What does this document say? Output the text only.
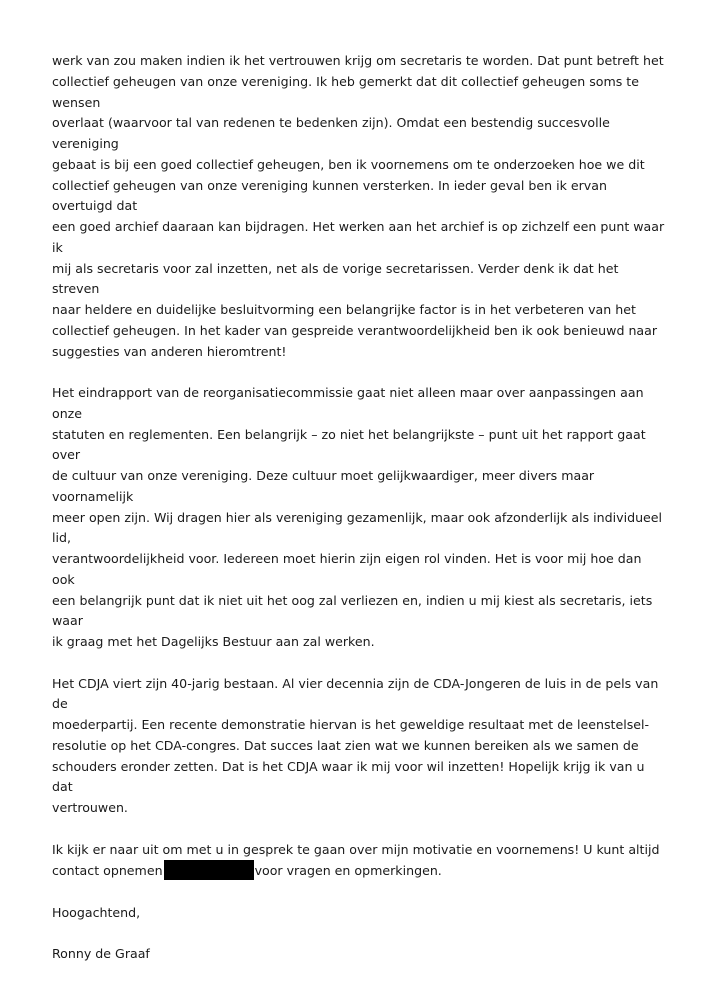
werk van zou maken indien ik het vertrouwen krijg om secretaris te worden. Dat punt betreft het
collectief geheugen van onze vereniging. Ik heb gemerkt dat dit collectief geheugen soms te wensen
overlaat (waarvoor tal van redenen te bedenken zijn). Omdat een bestendig succesvolle vereniging
gebaat is bij een goed collectief geheugen, ben ik voornemens om te onderzoeken hoe we dit
collectief geheugen van onze vereniging kunnen versterken. In ieder geval ben ik ervan overtuigd dat
een goed archief daaraan kan bijdragen. Het werken aan het archief is op zichzelf een punt waar ik
mij als secretaris voor zal inzetten, net als de vorige secretarissen. Verder denk ik dat het streven
naar heldere en duidelijke besluitvorming een belangrijke factor is in het verbeteren van het
collectief geheugen. In het kader van gespreide verantwoordelijkheid ben ik ook benieuwd naar
suggesties van anderen hieromtrent!

Het eindrapport van de reorganisatiecommissie gaat niet alleen maar over aanpassingen aan onze
statuten en reglementen. Een belangrijk – zo niet het belangrijkste – punt uit het rapport gaat over
de cultuur van onze vereniging. Deze cultuur moet gelijkwaardiger, meer divers maar voornamelijk
meer open zijn. Wij dragen hier als vereniging gezamenlijk, maar ook afzonderlijk als individueel lid,
verantwoordelijkheid voor. Iedereen moet hierin zijn eigen rol vinden. Het is voor mij hoe dan ook
een belangrijk punt dat ik niet uit het oog zal verliezen en, indien u mij kiest als secretaris, iets waar
ik graag met het Dagelijks Bestuur aan zal werken.

Het CDJA viert zijn 40-jarig bestaan. Al vier decennia zijn de CDA-Jongeren de luis in de pels van de
moederpartij. Een recente demonstratie hiervan is het geweldige resultaat met de leenstelsel-
resolutie op het CDA-congres. Dat succes laat zien wat we kunnen bereiken als we samen de
schouders eronder zetten. Dat is het CDJA waar ik mij voor wil inzetten! Hopelijk krijg ik van u dat
vertrouwen.

Ik kijk er naar uit om met u in gesprek te gaan over mijn motivatie en voornemens! U kunt altijd
contact opnemen	voor vragen en opmerkingen.

Hoogachtend,

Ronny de Graaf
